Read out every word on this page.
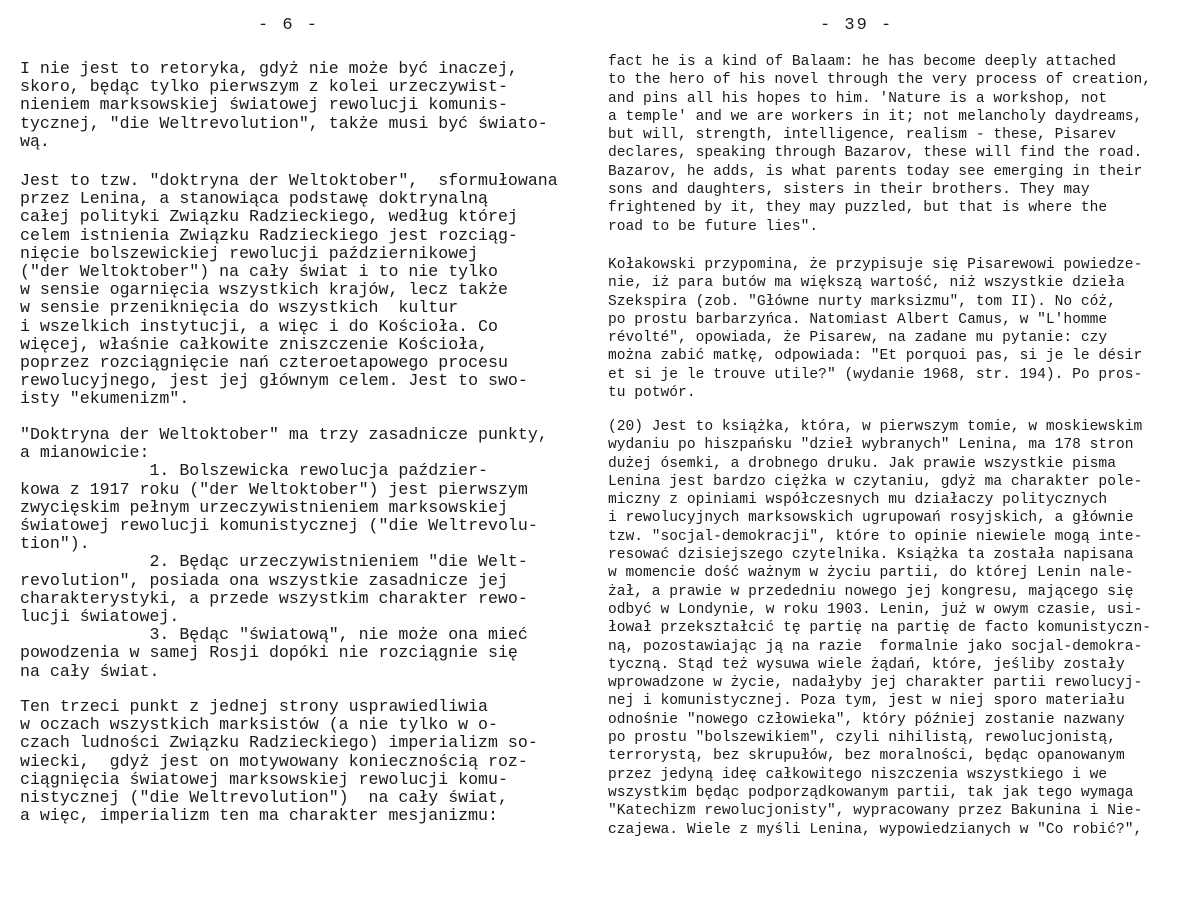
- 6 -

I nie jest to retoryka, gdyż nie może być inaczej,
skoro, będąc tylko pierwszym z kolei urzeczywist-
nieniem marksowskiej światowej rewolucji komunis-
tycznej, "die Weltrevolution", także musi być świato-
wą.

Jest to tzw. "doktryna der Weltoktober",  sformułowana
przez Lenina, a stanowiąca podstawę doktrynalną
całej polityki Związku Radzieckiego, według której
celem istnienia Związku Radzieckiego jest rozciąg-
nięcie bolszewickiej rewolucji październikowej
("der Weltoktober") na cały świat i to nie tylko
w sensie ogarnięcia wszystkich krajów, lecz także
w sensie przeniknięcia do wszystkich  kultur
i wszelkich instytucji, a więc i do Kościoła. Co
więcej, właśnie całkowite zniszczenie Kościoła,
poprzez rozciągnięcie nań czteroetapowego procesu
rewolucyjnego, jest jej głównym celem. Jest to swo-
isty "ekumenizm".

"Doktryna der Weltoktober" ma trzy zasadnicze punkty,
a mianowicie:
1. Bolszewicka rewolucja paździer-
kowa z 1917 roku ("der Weltoktober") jest pierwszym
zwycięskim pełnym urzeczywistnieniem marksowskiej
światowej rewolucji komunistycznej ("die Weltrevolu-
tion").
2. Będąc urzeczywistnieniem "die Welt-
revolution", posiada ona wszystkie zasadnicze jej
charakterystyki, a przede wszystkim charakter rewo-
lucji światowej.
3. Będąc "światową", nie może ona mieć
powodzenia w samej Rosji dopóki nie rozciągnie się
na cały świat.

Ten trzeci punkt z jednej strony usprawiedliwia
w oczach wszystkich marksistów (a nie tylko w o-
czach ludności Związku Radzieckiego) imperializm so-
wiecki,  gdyż jest on motywowany koniecznością roz-
ciągnięcia światowej marksowskiej rewolucji komu-
nistycznej ("die Weltrevolution")  na cały świat,
a więc, imperializm ten ma charakter mesjanizmu:

- 39 -

fact he is a kind of Balaam: he has become deeply attached
to the hero of his novel through the very process of creation,
and pins all his hopes to him. 'Nature is a workshop, not
a temple' and we are workers in it; not melancholy daydreams,
but will, strength, intelligence, realism - these, Pisarev
declares, speaking through Bazarov, these will find the road.
Bazarov, he adds, is what parents today see emerging in their
sons and daughters, sisters in their brothers. They may
frightened by it, they may puzzled, but that is where the
road to be future lies".

Kołakowski przypomina, że przypisuje się Pisarewowi powiedze-
nie, iż para butów ma większą wartość, niż wszystkie dzieła
Szekspira (zob. "Główne nurty marksizmu", tom II). No cóż,
po prostu barbarzyńca. Natomiast Albert Camus, w "L'homme
révolté", opowiada, że Pisarew, na zadane mu pytanie: czy
można zabić matkę, odpowiada: "Et porquoi pas, si je le désir
et si je le trouve utile?" (wydanie 1968, str. 194). Po pros-
tu potwór.

(20) Jest to książka, która, w pierwszym tomie, w moskiewskim
wydaniu po hiszpańsku "dzieł wybranych" Lenina, ma 178 stron
dużej ósemki, a drobnego druku. Jak prawie wszystkie pisma
Lenina jest bardzo ciężka w czytaniu, gdyż ma charakter pole-
miczny z opiniami współczesnych mu działaczy politycznych
i rewolucyjnych marksowskich ugrupowań rosyjskich, a głównie
tzw. "socjal-demokracji", które to opinie niewiele mogą inte-
resować dzisiejszego czytelnika. Książka ta została napisana
w momencie dość ważnym w życiu partii, do której Lenin nale-
żał, a prawie w przededniu nowego jej kongresu, mającego się
odbyć w Londynie, w roku 1903. Lenin, już w owym czasie, usi-
łował przekształcić tę partię na partię de facto komunistyczn-
ną, pozostawiając ją na razie  formalnie jako socjal-demokra-
tyczną. Stąd też wysuwa wiele żądań, które, jeśliby zostały
wprowadzone w życie, nadałyby jej charakter partii rewolucyj-
nej i komunistycznej. Poza tym, jest w niej sporo materiału
odnośnie "nowego człowieka", który później zostanie nazwany
po prostu "bolszewikiem", czyli nihilistą, rewolucjonistą,
terrorystą, bez skrupułów, bez moralności, będąc opanowanym
przez jedyną ideę całkowitego niszczenia wszystkiego i we
wszystkim będąc podporządkowanym partii, tak jak tego wymaga
"Katechizm rewolucjonisty", wypracowany przez Bakunina i Nie-
czajewa. Wiele z myśli Lenina, wypowiedzianych w "Co robić?",
